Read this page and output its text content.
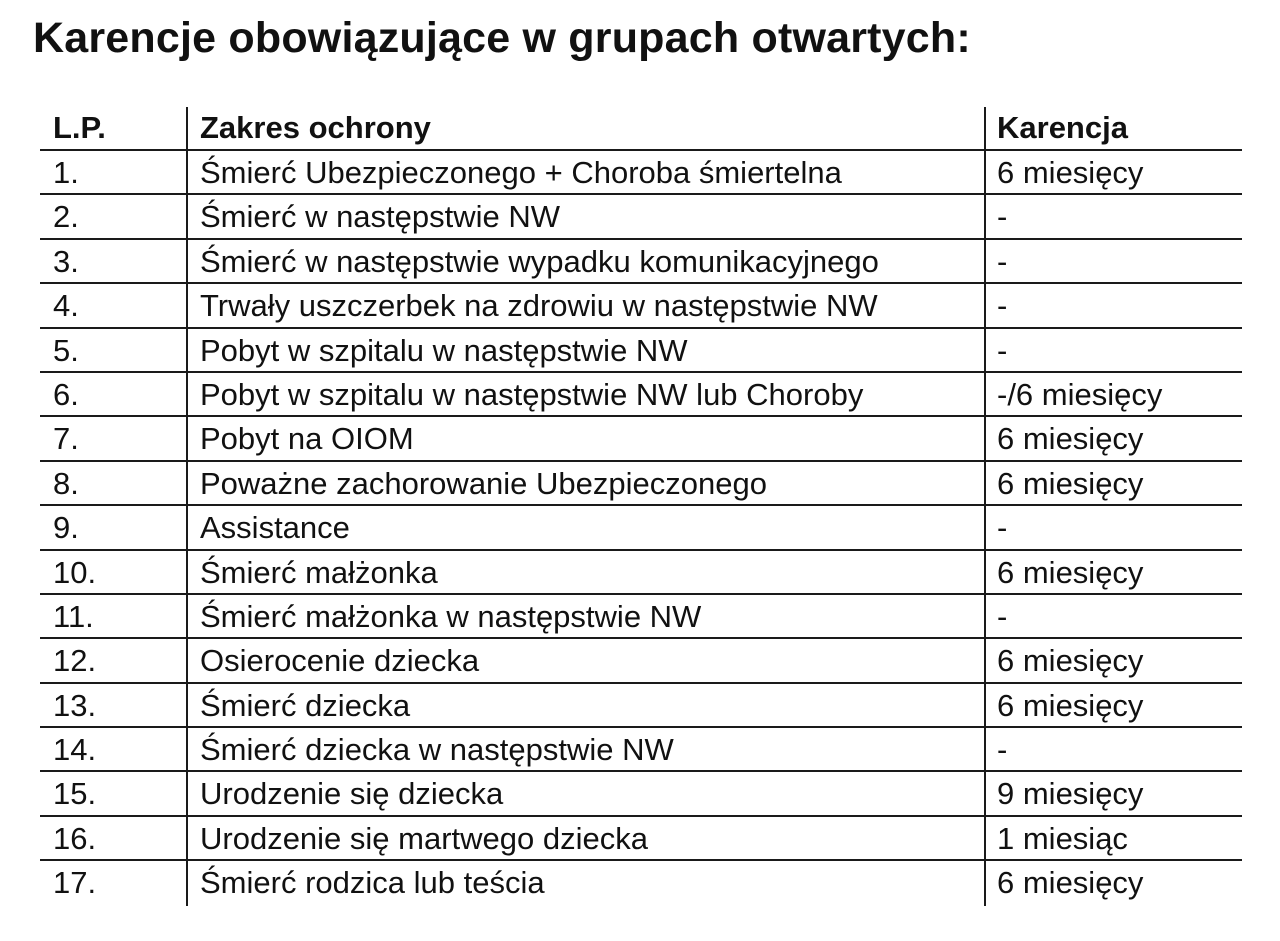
Karencje obowiązujące w grupach otwartych:
L.P.	Zakres ochrony	Karencja
1.	Śmierć Ubezpieczonego + Choroba śmiertelna	6 miesięcy
2.	Śmierć w następstwie NW	-
3.	Śmierć w następstwie wypadku komunikacyjnego	-
4.	Trwały uszczerbek na zdrowiu w następstwie NW	-
5.	Pobyt w szpitalu w następstwie NW	-
6.	Pobyt w szpitalu w następstwie NW lub Choroby	-/6 miesięcy
7.	Pobyt na OIOM	6 miesięcy
8.	Poważne zachorowanie Ubezpieczonego	6 miesięcy
9.	Assistance	-
10.	Śmierć małżonka	6 miesięcy
11.	Śmierć małżonka w następstwie NW	-
12.	Osierocenie dziecka	6 miesięcy
13.	Śmierć dziecka	6 miesięcy
14.	Śmierć dziecka w następstwie NW	-
15.	Urodzenie się dziecka	9 miesięcy
16.	Urodzenie się martwego dziecka	1 miesiąc
17.	Śmierć rodzica lub teścia	6 miesięcy
